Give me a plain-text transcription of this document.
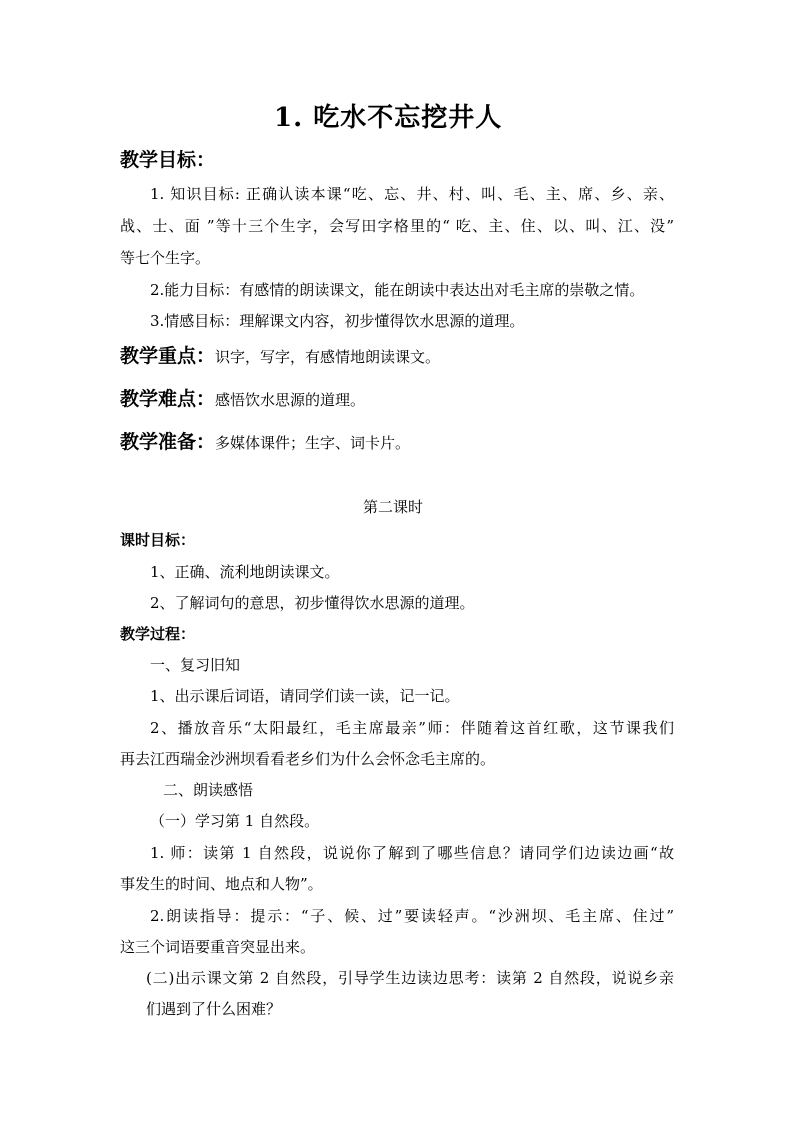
1. 吃水不忘挖井人
教学目标：
1. 知识目标: 正确认读本课“吃、忘、井、村、叫、毛、主、席、乡、亲、
战、士、面 ”等十三个生字，会写田字格里的“ 吃、主、住、以、叫、江、没”
等七个生字。
2.能力目标：有感情的朗读课文，能在朗读中表达出对毛主席的崇敬之情。
3.情感目标：理解课文内容，初步懂得饮水思源的道理。
教学重点：识字，写字，有感情地朗读课文。
教学难点：感悟饮水思源的道理。
教学准备：多媒体课件；生字、词卡片。
第二课时
课时目标：
1、正确、流利地朗读课文。
2、了解词句的意思，初步懂得饮水思源的道理。
教学过程：
一、复习旧知
1、出示课后词语，请同学们读一读，记一记。
2、播放音乐“太阳最红，毛主席最亲”师：伴随着这首红歌，这节课我们
再去江西瑞金沙洲坝看看老乡们为什么会怀念毛主席的。
二、朗读感悟
（一）学习第 1 自然段。
1. 师：读第 1 自然段，说说你了解到了哪些信息？请同学们边读边画“故
事发生的时间、地点和人物”。
2.朗读指导：提示：“子、候、过”要读轻声。“沙洲坝、毛主席、住过”
这三个词语要重音突显出来。
(二)出示课文第 2 自然段，引导学生边读边思考：读第 2 自然段，说说乡亲
们遇到了什么困难？
